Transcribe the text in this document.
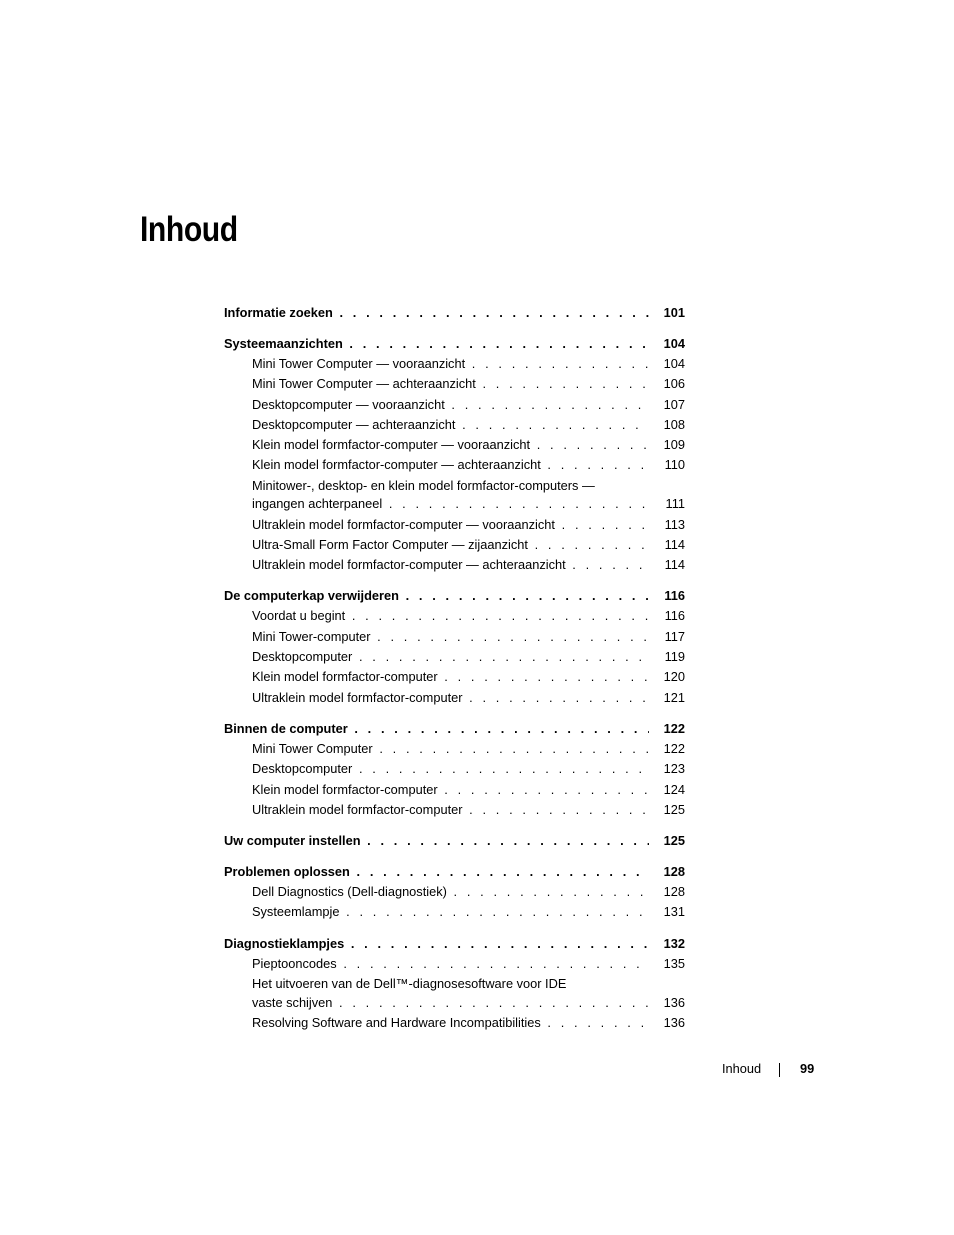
Inhoud
Informatie zoeken . . .	101
Systeemaanzichten . . .	104
Mini Tower Computer — vooraanzicht . . .	104
Mini Tower Computer — achteraanzicht . . .	106
Desktopcomputer — vooraanzicht . . .	107
Desktopcomputer — achteraanzicht . . .	108
Klein model formfactor-computer — vooraanzicht . . .	109
Klein model formfactor-computer — achteraanzicht . . .	110
Minitower-, desktop- en klein model formfactor-computers —
ingangen achterpaneel . . .	111
Ultraklein model formfactor-computer — vooraanzicht . . .	113
Ultra-Small Form Factor Computer — zijaanzicht . . .	114
Ultraklein model formfactor-computer — achteraanzicht . . .	114
De computerkap verwijderen . . .	116
Voordat u begint . . .	116
Mini Tower-computer . . .	117
Desktopcomputer . . .	119
Klein model formfactor-computer . . .	120
Ultraklein model formfactor-computer . . .	121
Binnen de computer . . .	122
Mini Tower Computer . . .	122
Desktopcomputer . . .	123
Klein model formfactor-computer . . .	124
Ultraklein model formfactor-computer . . .	125
Uw computer instellen . . .	125
Problemen oplossen . . .	128
Dell Diagnostics (Dell-diagnostiek) . . .	128
Systeemlampje . . .	131
Diagnostieklampjes . . .	132
Pieptooncodes . . .	135
Het uitvoeren van de Dell™-diagnosesoftware voor IDE
vaste schijven . . .	136
Resolving Software and Hardware Incompatibilities . . .	136
Inhoud	99
